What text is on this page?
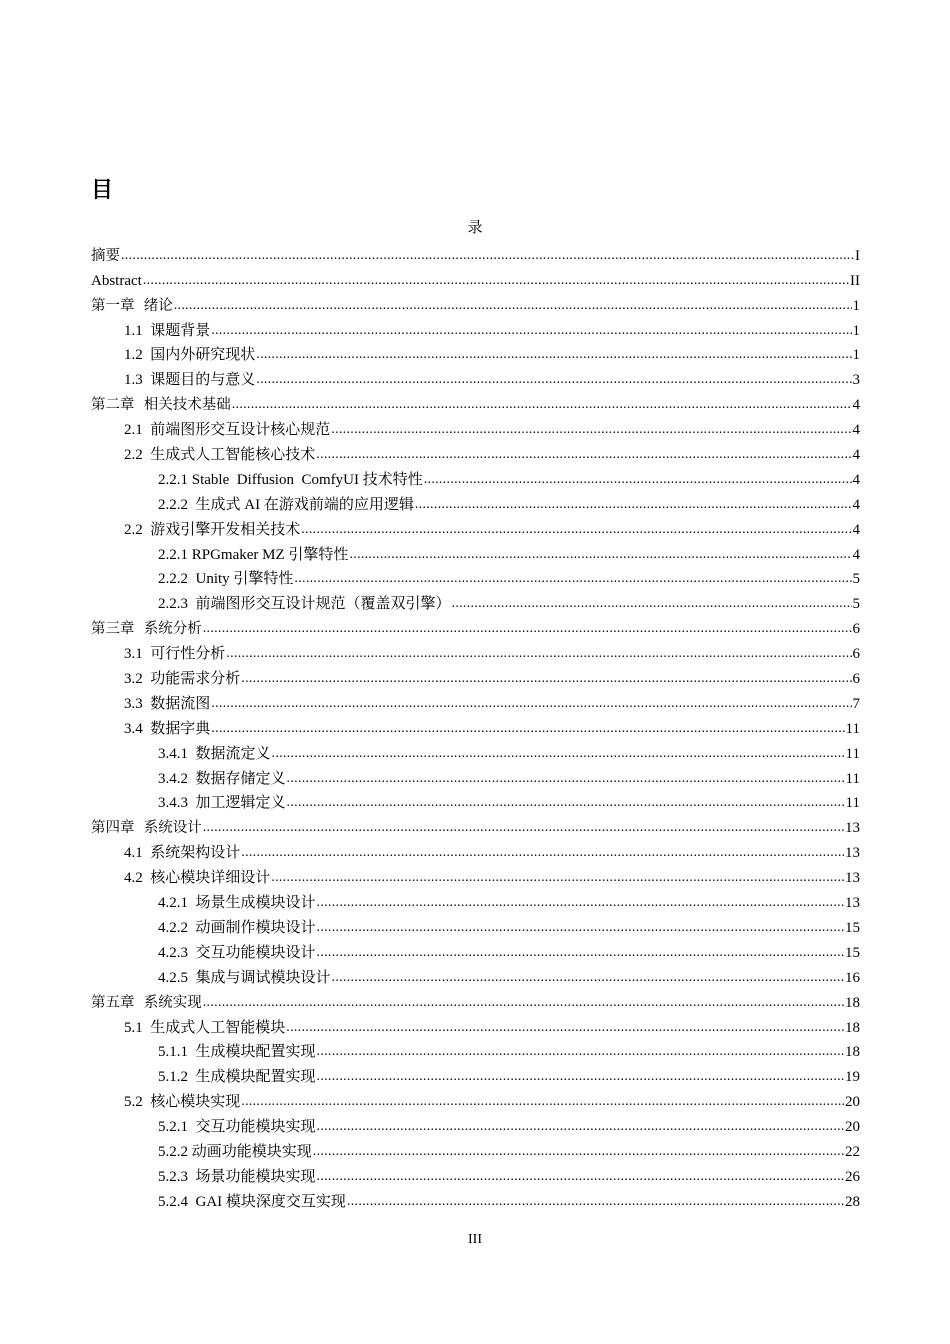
目

录

摘要 .....	I
Abstract .....	II
第一章  绪论 .....	1
1.1  课题背景 .....	1
1.2  国内外研究现状 .....	1
1.3  课题目的与意义 .....	3
第二章  相关技术基础 .....	4
2.1  前端图形交互设计核心规范 .....	4
2.2  生成式人工智能核心技术 .....	4
2.2.1 Stable  Diffusion  ComfyUI 技术特性 .....	4
2.2.2  生成式 AI 在游戏前端的应用逻辑 .....	4
2.2  游戏引擎开发相关技术 .....	4
2.2.1 RPGmaker MZ 引擎特性 .....	4
2.2.2  Unity 引擎特性 .....	5
2.2.3  前端图形交互设计规范（覆盖双引擎） .....	5
第三章  系统分析 .....	6
3.1  可行性分析 .....	6
3.2  功能需求分析 .....	6
3.3  数据流图 .....	7
3.4  数据字典 .....	11
3.4.1  数据流定义 .....	11
3.4.2  数据存储定义 .....	11
3.4.3  加工逻辑定义 .....	11
第四章  系统设计 .....	13
4.1  系统架构设计 .....	13
4.2  核心模块详细设计 .....	13
4.2.1  场景生成模块设计 .....	13
4.2.2  动画制作模块设计 .....	15
4.2.3  交互功能模块设计 .....	15
4.2.5  集成与调试模块设计 .....	16
第五章  系统实现 .....	18
5.1  生成式人工智能模块 .....	18
5.1.1  生成模块配置实现 .....	18
5.1.2  生成模块配置实现 .....	19
5.2  核心模块实现 .....	20
5.2.1  交互功能模块实现 .....	20
5.2.2 动画功能模块实现 .....	22
5.2.3  场景功能模块实现 .....	26
5.2.4  GAI 模块深度交互实现 .....	28

III
